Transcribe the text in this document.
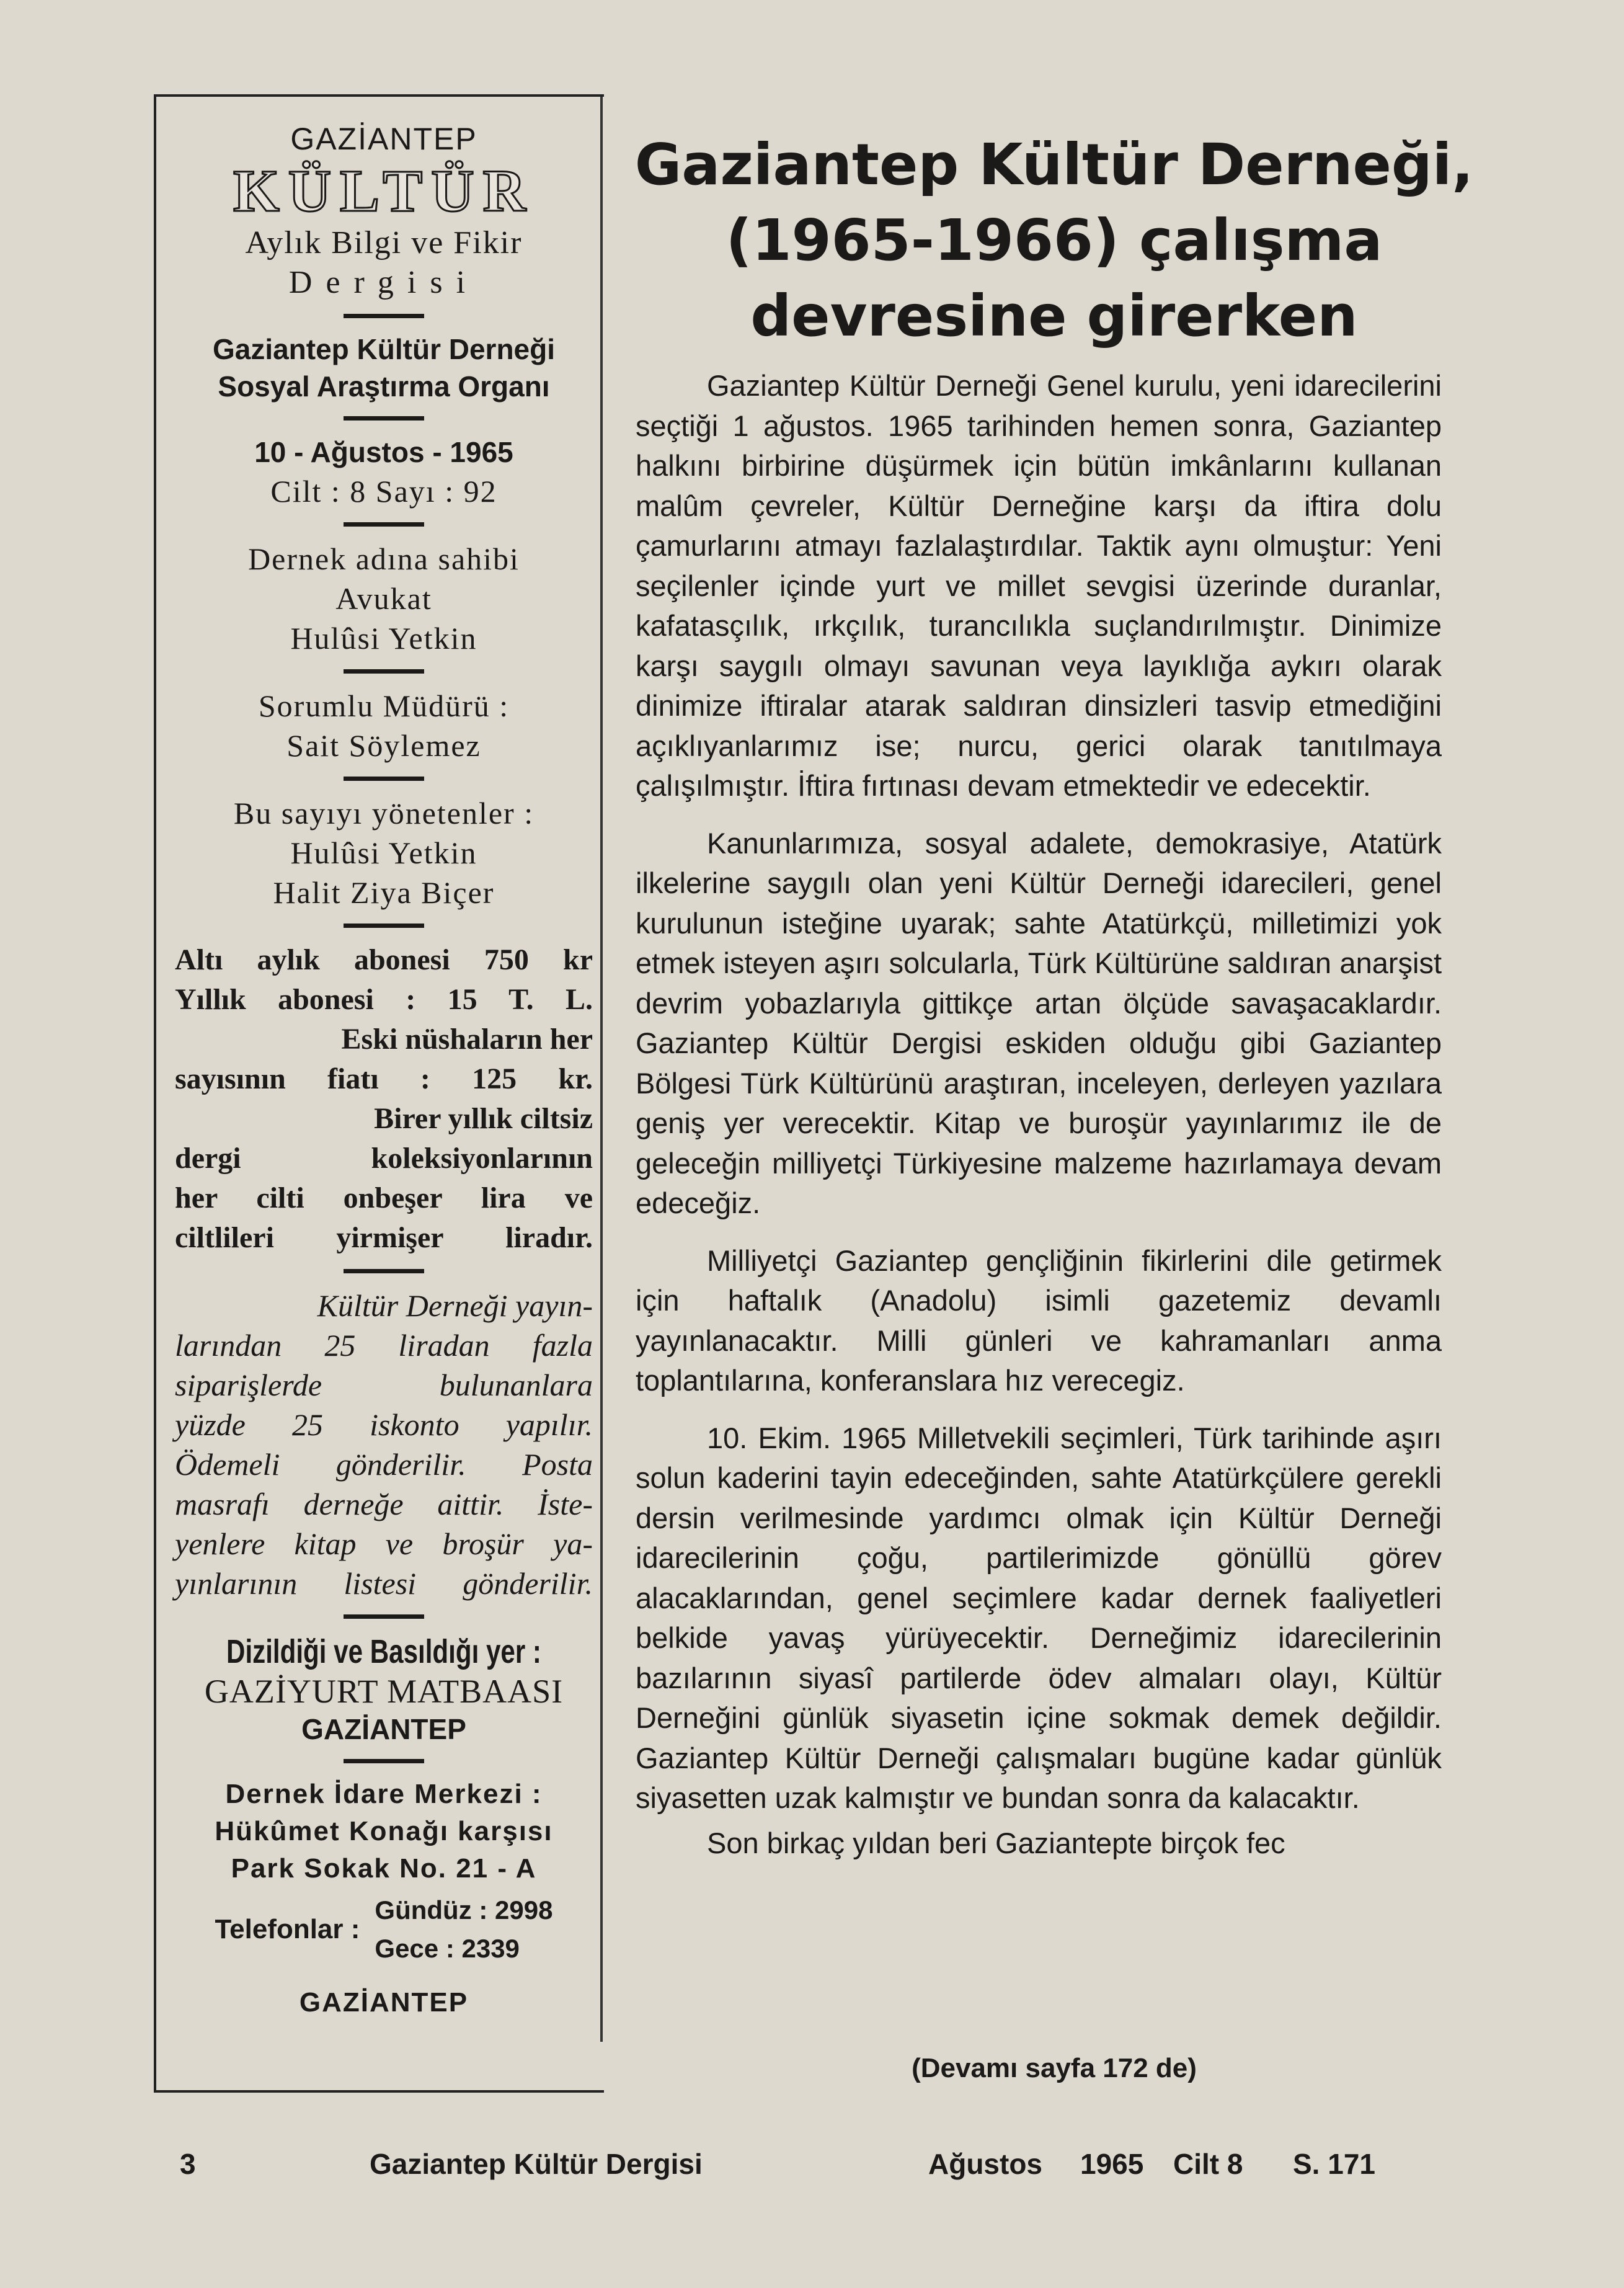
GAZİANTEP
KÜLTÜR
Aylık Bilgi ve Fikir
Dergisi
Gaziantep Kültür Derneği
Sosyal Araştırma Organı
10 - Ağustos - 1965
Cilt : 8 Sayı : 92
Dernek adına sahibi
Avukat
Hulûsi Yetkin
Sorumlu Müdürü :
Sait Söylemez
Bu sayıyı yönetenler :
Hulûsi Yetkin
Halit Ziya Biçer
Altı aylık abonesi 750 kr
Yıllık abonesi : 15 T. L.
Eski nüshaların her
sayısının fiatı : 125 kr.
Birer yıllık ciltsiz
dergi koleksiyonlarının
her cilti onbeşer lira ve
ciltlileri yirmişer liradır.
Kültür Derneği yayın-
larından 25 liradan fazla
siparişlerde bulunanlara
yüzde 25 iskonto yapılır.
Ödemeli gönderilir. Posta
masrafı derneğe aittir. İste-
yenlere kitap ve broşür ya-
yınlarının listesi gönderilir.
Dizildiği ve Basıldığı yer :
GAZİYURT MATBAASI
GAZİANTEP
Dernek İdare Merkezi :
Hükûmet Konağı karşısı
Park Sokak No. 21 - A
Telefonlar :
Gündüz : 2998
Gece : 2339
GAZİANTEP
Gaziantep Kültür Derneği,
(1965-1966) çalışma
devresine girerken

Gaziantep Kültür Derneği Genel kurulu, yeni idarecilerini seçtiği 1 ağustos. 1965 tarihinden hemen sonra, Gaziantep halkını birbirine düşürmek için bütün imkânlarını kullanan malûm çevreler, Kültür Derneğine karşı da iftira dolu çamurlarını atmayı fazlalaştırdılar. Taktik aynı olmuştur: Yeni seçilenler içinde yurt ve millet sevgisi üzerinde duranlar, kafatasçılık, ırkçılık, turancılıkla suçlandırılmıştır. Dinimize karşı saygılı olmayı savunan veya layıklığa aykırı olarak dinimize iftiralar atarak saldıran dinsizleri tasvip etmediğini açıklıyanlarımız ise; nurcu, gerici olarak tanıtılmaya çalışılmıştır. İftira fırtınası devam etmektedir ve edecektir.

Kanunlarımıza, sosyal adalete, demokrasiye, Atatürk ilkelerine saygılı olan yeni Kültür Derneği idarecileri, genel kurulunun isteğine uyarak; sahte Atatürkçü, milletimizi yok etmek isteyen aşırı solcularla, Türk Kültürüne saldıran anarşist devrim yobazlarıyla gittikçe artan ölçüde savaşacaklardır. Gaziantep Kültür Dergisi eskiden olduğu gibi Gaziantep Bölgesi Türk Kültürünü araştıran, inceleyen, derleyen yazılara geniş yer verecektir. Kitap ve buroşür yayınlarımız ile de geleceğin milliyetçi Türkiyesine malzeme hazırlamaya devam edeceğiz.

Milliyetçi Gaziantep gençliğinin fikirlerini dile getirmek için haftalık (Anadolu) isimli gazetemiz devamlı yayınlanacaktır. Milli günleri ve kahramanları anma toplantılarına, konferanslara hız verecegiz.

10. Ekim. 1965 Milletvekili seçimleri, Türk tarihinde aşırı solun kaderini tayin edeceğinden, sahte Atatürkçülere gerekli dersin verilmesinde yardımcı olmak için Kültür Derneği idarecilerinin çoğu, partilerimizde gönüllü görev alacaklarından, genel seçimlere kadar dernek faaliyetleri belkide yavaş yürüyecektir. Derneğimiz idarecilerinin bazılarının siyasî partilerde ödev almaları olayı, Kültür Derneğini günlük siyasetin içine sokmak demek değildir. Gaziantep Kültür Derneği çalışmaları bugüne kadar günlük siyasetten uzak kalmıştır ve bundan sonra da kalacaktır.

Son birkaç yıldan beri Gaziantepte birçok fec

(Devamı sayfa 172 de)
3	Gaziantep Kültür Dergisi	Ağustos 1965 Cilt 8 S. 171
